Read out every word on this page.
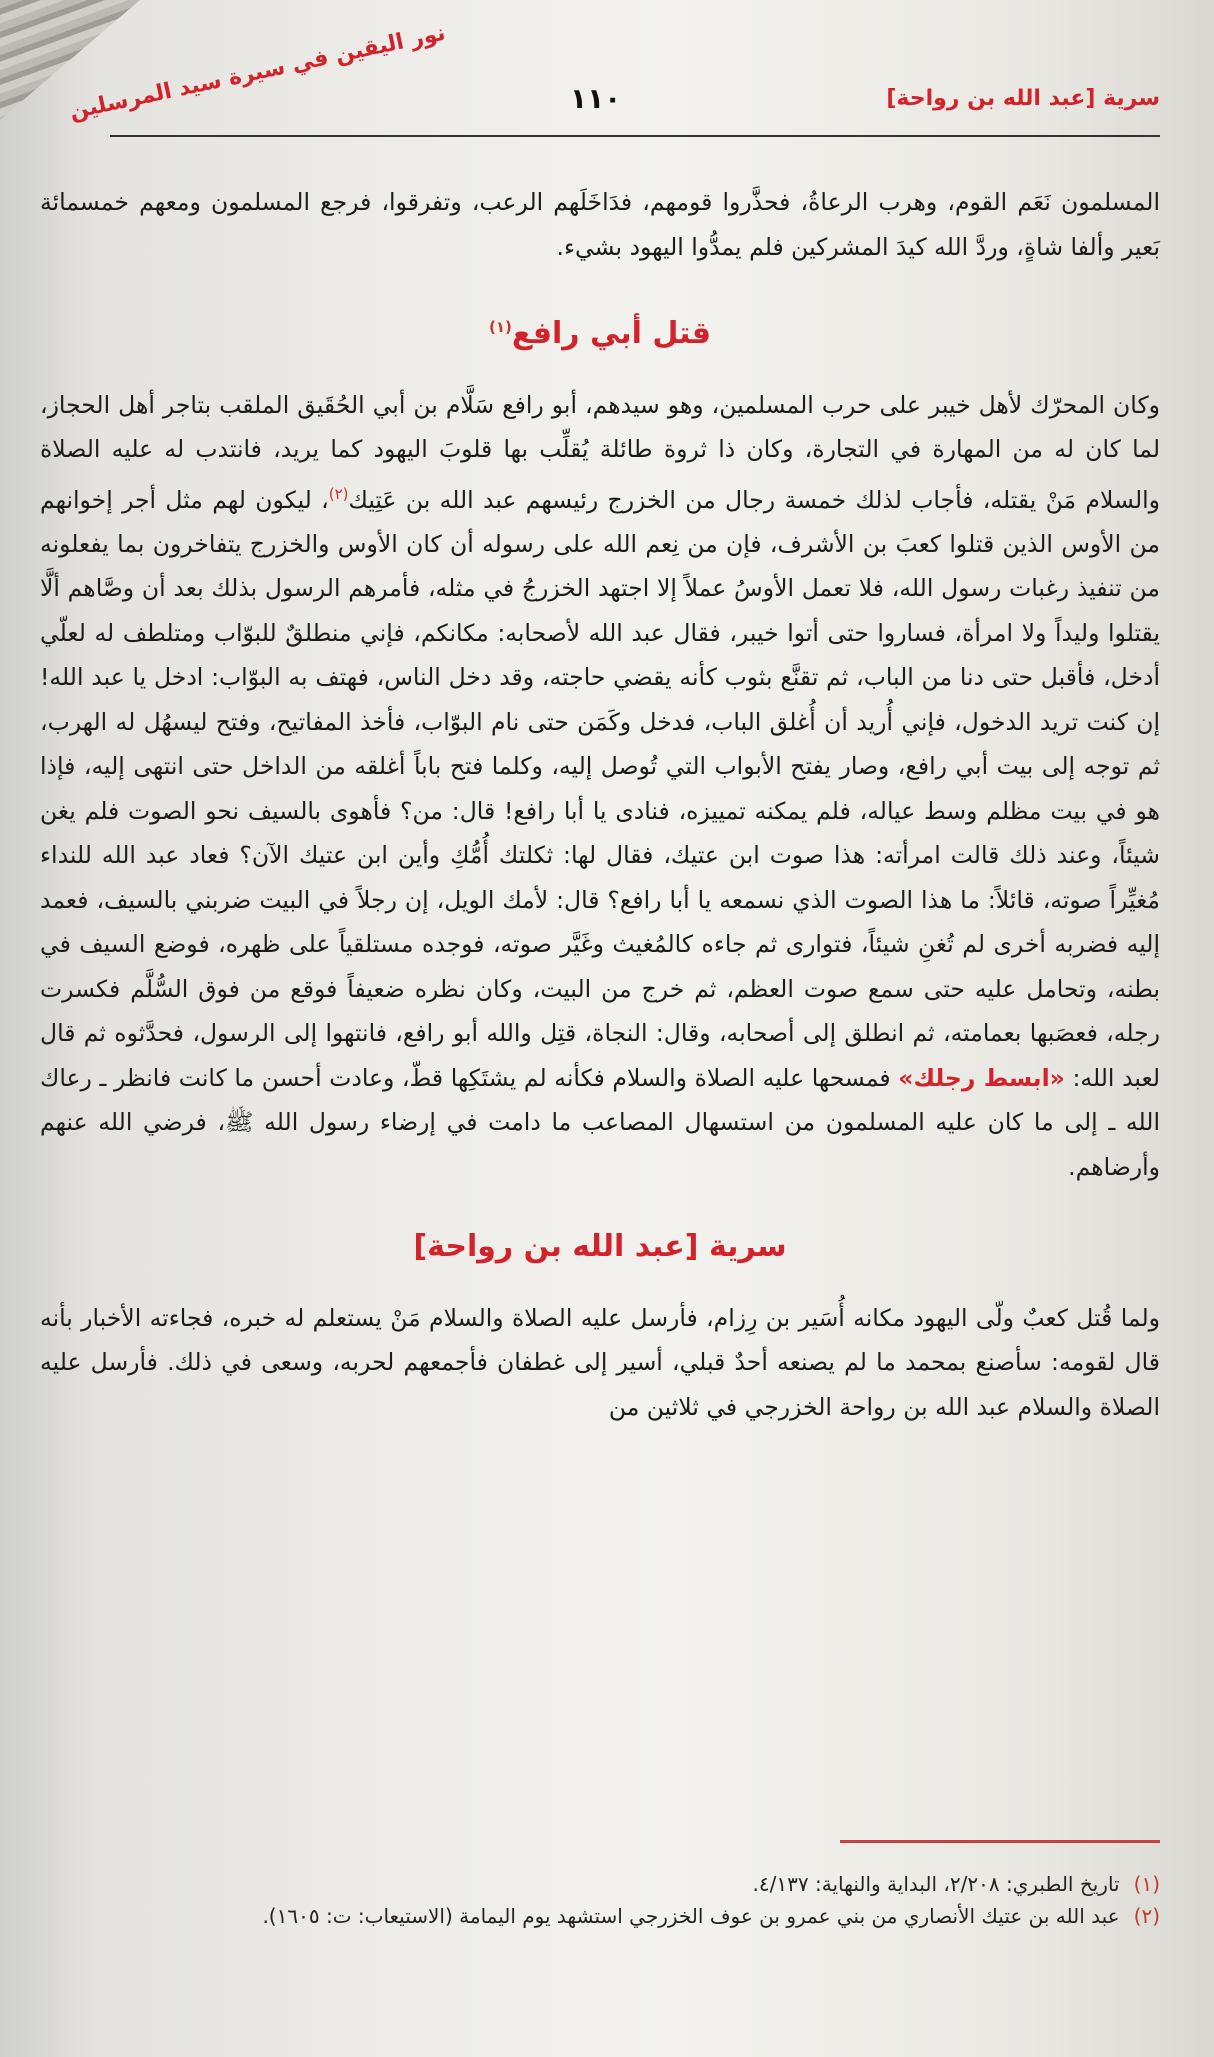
سرية [عبد الله بن رواحة]
١١٠
نور اليقين في سيرة سيد المرسلين

المسلمون نَعَم القوم، وهرب الرعاةُ، فحذَّروا قومهم، فدَاخَلَهم الرعب، وتفرقوا، فرجع المسلمون ومعهم خمسمائة بَعير وألفا شاةٍ، وردَّ الله كيدَ المشركين فلم يمدُّوا اليهود بشيء.

قتل أبي رافع$^{(١)}$

وكان المحرّك لأهل خيبر على حرب المسلمين، وهو سيدهم، أبو رافع سَلَّام بن أبي الحُقَيق الملقب بتاجر أهل الحجاز، لما كان له من المهارة في التجارة، وكان ذا ثروة طائلة يُقلِّب بها قلوبَ اليهود كما يريد، فانتدب له عليه الصلاة والسلام مَنْ يقتله، فأجاب لذلك خمسة رجال من الخزرج رئيسهم عبد الله بن عَتِيك$^{(٢)}$، ليكون لهم مثل أجر إخوانهم من الأوس الذين قتلوا كعبَ بن الأشرف، فإن من نِعم الله على رسوله أن كان الأوس والخزرج يتفاخرون بما يفعلونه من تنفيذ رغبات رسول الله، فلا تعمل الأوسُ عملاً إلا اجتهد الخزرجُ في مثله، فأمرهم الرسول بذلك بعد أن وصَّاهم ألَّا يقتلوا وليداً ولا امرأة، فساروا حتى أتوا خيبر، فقال عبد الله لأصحابه: مكانكم، فإني منطلقٌ للبوّاب ومتلطف له لعلّي أدخل، فأقبل حتى دنا من الباب، ثم تقنَّع بثوب كأنه يقضي حاجته، وقد دخل الناس، فهتف به البوّاب: ادخل يا عبد الله! إن كنت تريد الدخول، فإني أُريد أن أُغلق الباب، فدخل وكَمَن حتى نام البوّاب، فأخذ المفاتيح، وفتح ليسهُل له الهرب، ثم توجه إلى بيت أبي رافع، وصار يفتح الأبواب التي تُوصل إليه، وكلما فتح باباً أغلقه من الداخل حتى انتهى إليه، فإذا هو في بيت مظلم وسط عياله، فلم يمكنه تمييزه، فنادى يا أبا رافع! قال: من؟ فأهوى بالسيف نحو الصوت فلم يغن شيئاً، وعند ذلك قالت امرأته: هذا صوت ابن عتيك، فقال لها: ثكلتك أُمُّكِ وأين ابن عتيك الآن؟ فعاد عبد الله للنداء مُغيِّراً صوته، قائلاً: ما هذا الصوت الذي نسمعه يا أبا رافع؟ قال: لأمك الويل، إن رجلاً في البيت ضربني بالسيف، فعمد إليه فضربه أخرى لم تُغنِ شيئاً، فتوارى ثم جاءه كالمُغيث وغَيَّر صوته، فوجده مستلقياً على ظهره، فوضع السيف في بطنه، وتحامل عليه حتى سمع صوت العظم، ثم خرج من البيت، وكان نظره ضعيفاً فوقع من فوق السُّلَّم فكسرت رجله، فعصَبها بعمامته، ثم انطلق إلى أصحابه، وقال: النجاة، قتِل والله أبو رافع، فانتهوا إلى الرسول، فحدَّثوه ثم قال لعبد الله: «ابسط رجلك» فمسحها عليه الصلاة والسلام فكأنه لم يشتَكِها قطّ، وعادت أحسن ما كانت فانظر ـ رعاك الله ـ إلى ما كان عليه المسلمون من استسهال المصاعب ما دامت في إرضاء رسول الله ﷺ، فرضي الله عنهم وأرضاهم.

سرية [عبد الله بن رواحة]

ولما قُتل كعبٌ ولّى اليهود مكانه أُسَير بن رِزام، فأرسل عليه الصلاة والسلام مَنْ يستعلم له خبره، فجاءته الأخبار بأنه قال لقومه: سأصنع بمحمد ما لم يصنعه أحدٌ قبلي، أسير إلى غطفان فأجمعهم لحربه، وسعى في ذلك. فأرسل عليه الصلاة والسلام عبد الله بن رواحة الخزرجي في ثلاثين من

(١)تاريخ الطبري: ٢/٢٠٨، البداية والنهاية: ٤/١٣٧.
(٢)عبد الله بن عتيك الأنصاري من بني عمرو بن عوف الخزرجي استشهد يوم اليمامة (الاستيعاب: ت: ١٦٠٥).
